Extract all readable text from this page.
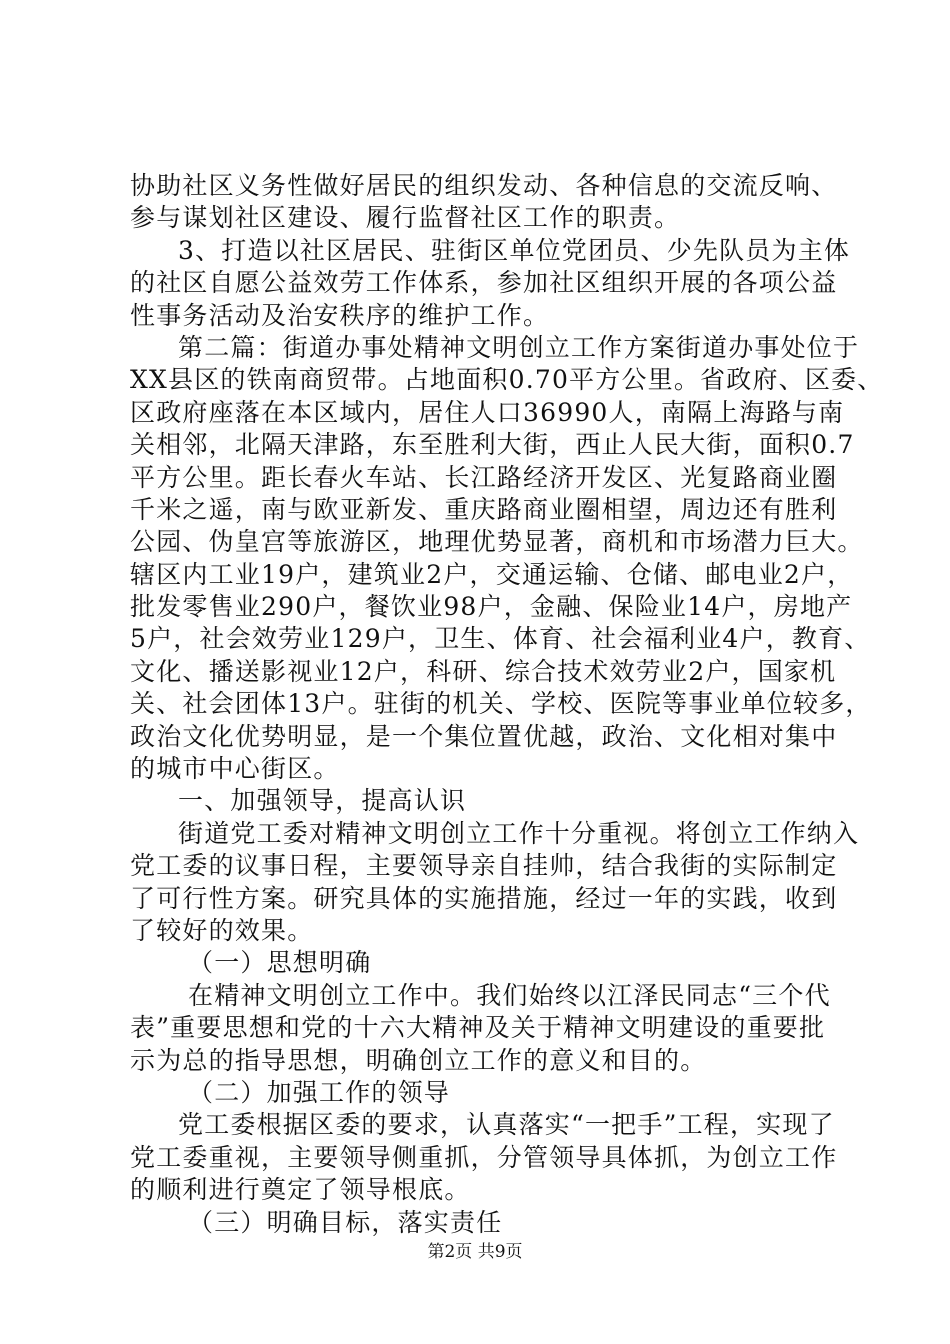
协助社区义务性做好居民的组织发动、各种信息的交流反响、
参与谋划社区建设、履行监督社区工作的职责。
3、打造以社区居民、驻街区单位党团员、少先队员为主体
的社区自愿公益效劳工作体系，参加社区组织开展的各项公益
性事务活动及治安秩序的维护工作。
第二篇：街道办事处精神文明创立工作方案街道办事处位于
XX县区的铁南商贸带。占地面积0.70平方公里。省政府、区委、
区政府座落在本区域内，居住人口36990人，南隔上海路与南
关相邻，北隔天津路，东至胜利大街，西止人民大街，面积0.7
平方公里。距长春火车站、长江路经济开发区、光复路商业圈
千米之遥，南与欧亚新发、重庆路商业圈相望，周边还有胜利
公园、伪皇宫等旅游区，地理优势显著，商机和市场潜力巨大。
辖区内工业19户，建筑业2户，交通运输、仓储、邮电业2户，
批发零售业290户，餐饮业98户，金融、保险业14户，房地产
5户，社会效劳业129户，卫生、体育、社会福利业4户，教育、
文化、播送影视业12户，科研、综合技术效劳业2户，国家机
关、社会团体13户。驻街的机关、学校、医院等事业单位较多，
政治文化优势明显，是一个集位置优越，政治、文化相对集中
的城市中心街区。
一、加强领导，提高认识
街道党工委对精神文明创立工作十分重视。将创立工作纳入
党工委的议事日程，主要领导亲自挂帅，结合我街的实际制定
了可行性方案。研究具体的实施措施，经过一年的实践，收到
了较好的效果。
（一）思想明确
在精神文明创立工作中。我们始终以江泽民同志“三个代
表”重要思想和党的十六大精神及关于精神文明建设的重要批
示为总的指导思想，明确创立工作的意义和目的。
（二）加强工作的领导
党工委根据区委的要求，认真落实“一把手”工程，实现了
党工委重视，主要领导侧重抓，分管领导具体抓，为创立工作
的顺利进行奠定了领导根底。
（三）明确目标，落实责任
第2页 共9页
